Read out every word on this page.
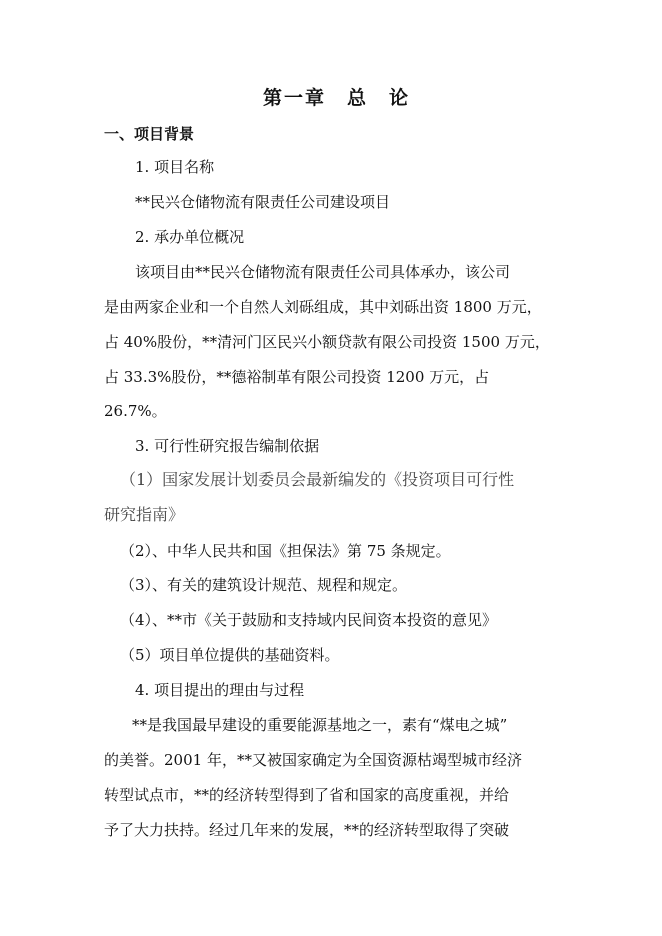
第一章　总　论
一、项目背景
1. 项目名称
**民兴仓储物流有限责任公司建设项目
2. 承办单位概况
该项目由**民兴仓储物流有限责任公司具体承办，该公司
是由两家企业和一个自然人刘砾组成，其中刘砾出资 1800 万元，
占 40%股份，**清河门区民兴小额贷款有限公司投资 1500 万元，
占 33.3%股份，**德裕制革有限公司投资 1200 万元，占
26.7%。
3. 可行性研究报告编制依据
（1）国家发展计划委员会最新编发的《投资项目可行性
研究指南》
（2）、中华人民共和国《担保法》第 75 条规定。
（3）、有关的建筑设计规范、规程和规定。
（4）、**市《关于鼓励和支持域内民间资本投资的意见》
（5）项目单位提供的基础资料。
4. 项目提出的理由与过程
**是我国最早建设的重要能源基地之一，素有“煤电之城”
的美誉。2001 年，**又被国家确定为全国资源枯竭型城市经济
转型试点市，**的经济转型得到了省和国家的高度重视，并给
予了大力扶持。经过几年来的发展，**的经济转型取得了突破
